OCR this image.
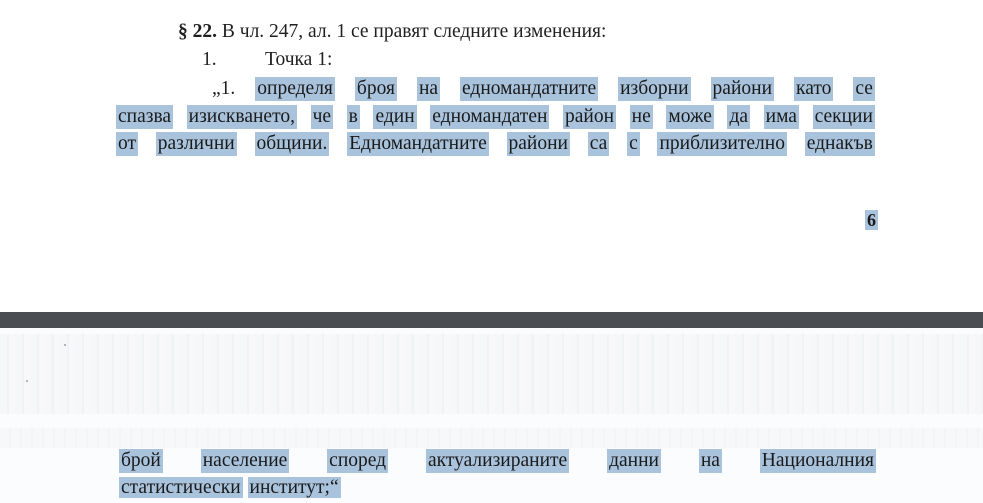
§ 22. В чл. 247, ал. 1 се правят следните изменения:
1. Точка 1:
„1. определя броя на едномандатните изборни райони като се
спазва изискването, че в един едномандатен район не може да има секции
от различни общини. Едномандатните райони са с приблизително еднакъв
6
брой население според актуализираните данни на Националния
статистически институт;“
